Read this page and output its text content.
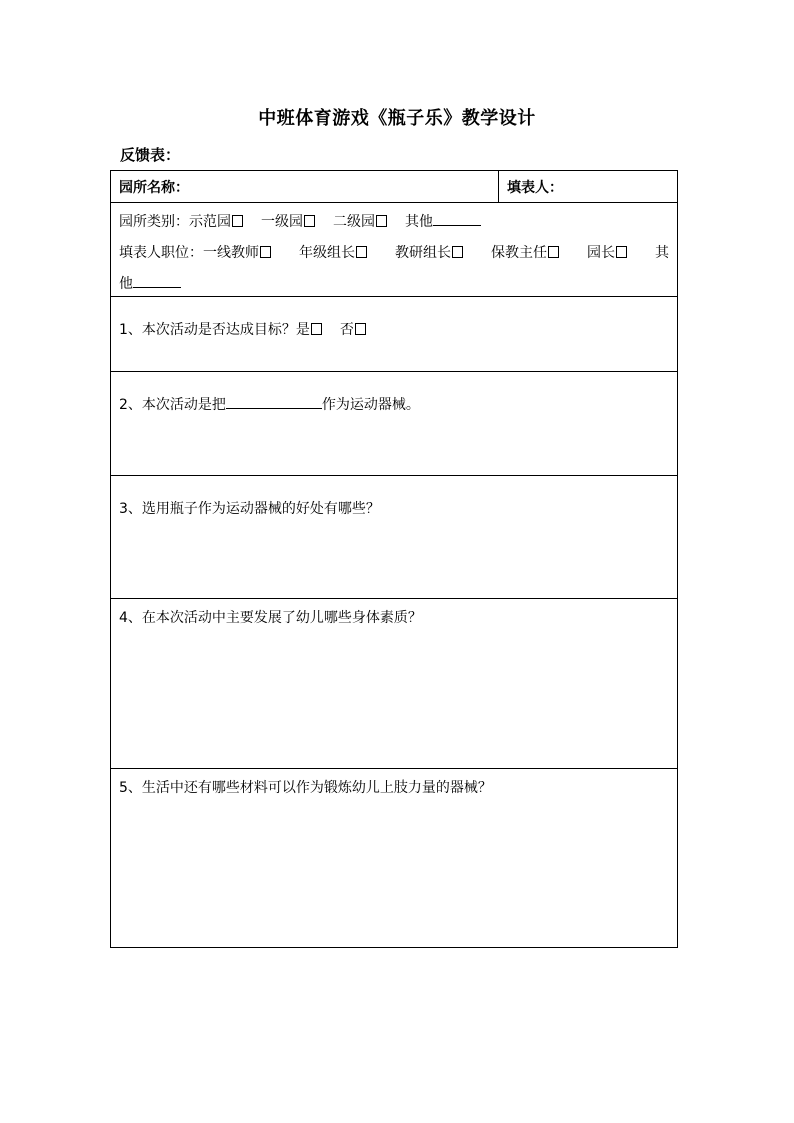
中班体育游戏《瓶子乐》教学设计
反馈表：
园所名称：	填表人：
园所类别：示范园 一级园 二级园 其他
填表人职位：一线教师	年级组长	教研组长	保教主任	园长	其
他
1、本次活动是否达成目标？是 否
2、本次活动是把	作为运动器械。
3、选用瓶子作为运动器械的好处有哪些？
4、在本次活动中主要发展了幼儿哪些身体素质？
5、生活中还有哪些材料可以作为锻炼幼儿上肢力量的器械？
